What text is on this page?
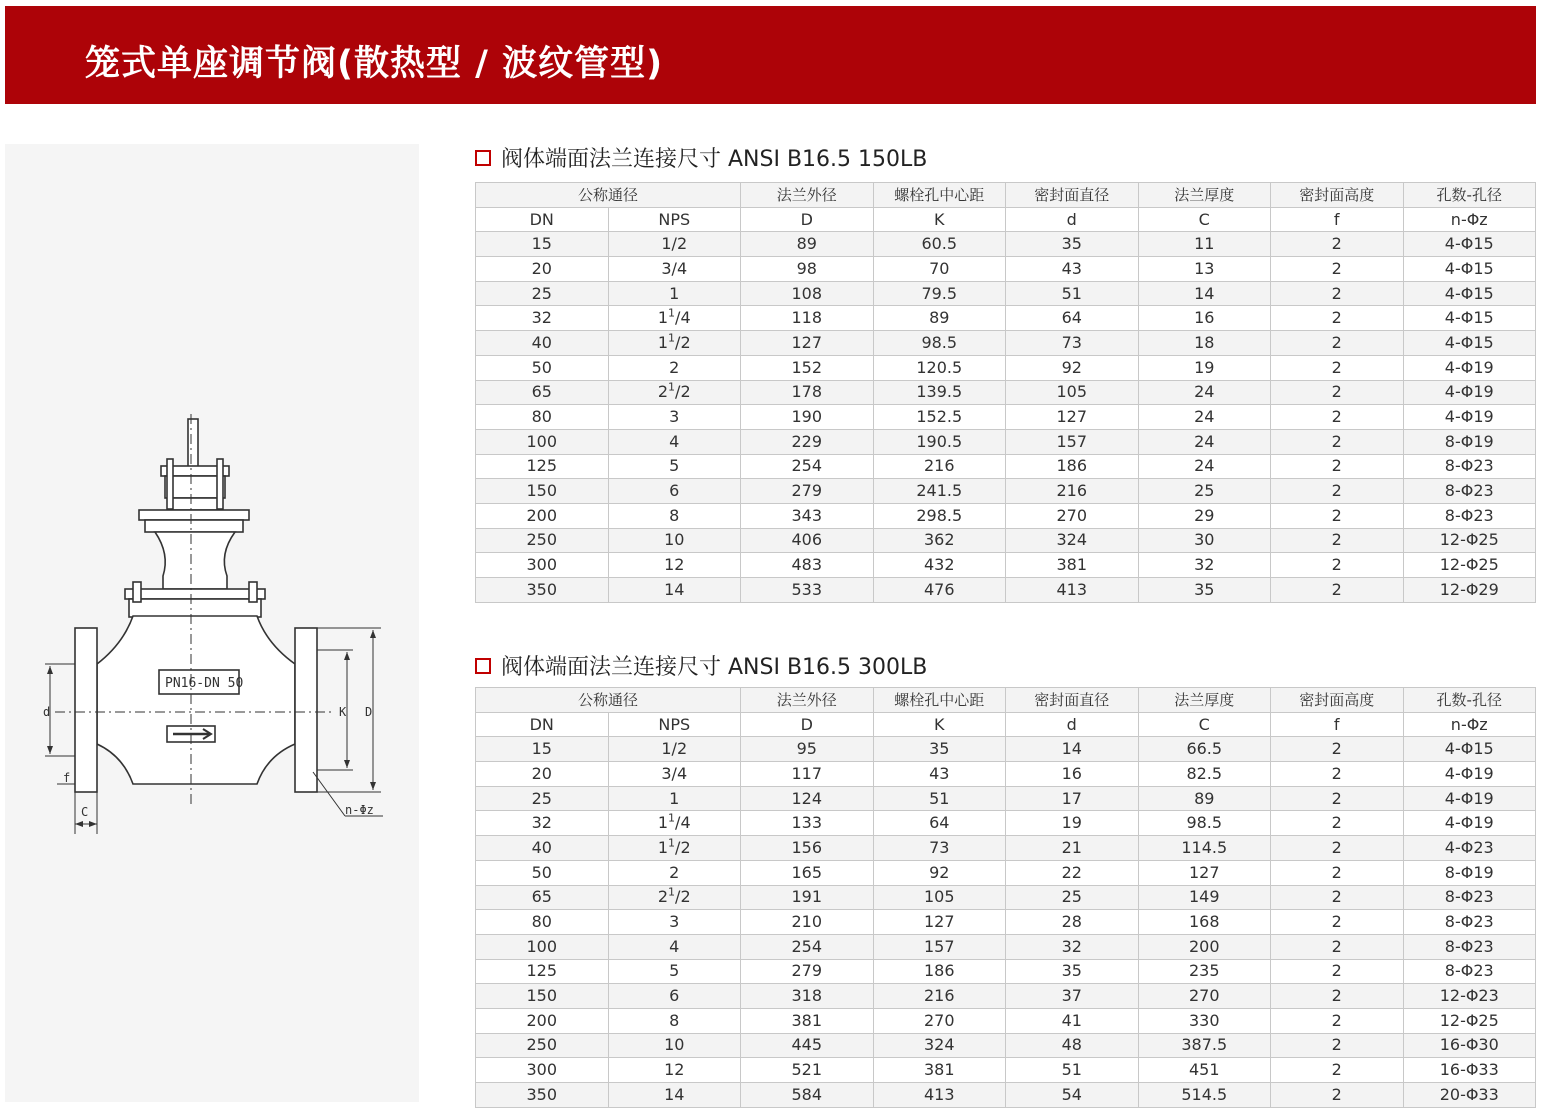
笼式单座调节阀(散热型 / 波纹管型)
PN16-DN 50
d	D
K
f
C	n-Φz
阀体端面法兰连接尺寸 ANSI B16.5 150LB
公称通径		法兰外径	螺栓孔中心距	密封面直径	法兰厚度	密封面高度	孔数-孔径
DN	NPS	D	K	d	C	f	n-Φz
15	1/2	89	60.5	35	11	2	4-Φ15
20	3/4	98	70	43	13	2	4-Φ15
25	1	108	79.5	51	14	2	4-Φ15
32	$1^1/4$	118	89	64	16	2	4-Φ15
40	$1^1/2$	127	98.5	73	18	2	4-Φ15
50	2	152	120.5	92	19	2	4-Φ19
65	$2^1/2$	178	139.5	105	24	2	4-Φ19
80	3	190	152.5	127	24	2	4-Φ19
100	4	229	190.5	157	24	2	8-Φ19
125	5	254	216	186	24	2	8-Φ23
150	6	279	241.5	216	25	2	8-Φ23
200	8	343	298.5	270	29	2	8-Φ23
250	10	406	362	324	30	2	12-Φ25
300	12	483	432	381	32	2	12-Φ25
350	14	533	476	413	35	2	12-Φ29
阀体端面法兰连接尺寸 ANSI B16.5 300LB
公称通径		法兰外径	螺栓孔中心距	密封面直径	法兰厚度	密封面高度	孔数-孔径
DN	NPS	D	K	d	C	f	n-Φz
15	1/2	95	35	14	66.5	2	4-Φ15
20	3/4	117	43	16	82.5	2	4-Φ19
25	1	124	51	17	89	2	4-Φ19
32	$1^1/4$	133	64	19	98.5	2	4-Φ19
40	$1^1/2$	156	73	21	114.5	2	4-Φ23
50	2	165	92	22	127	2	8-Φ19
65	$2^1/2$	191	105	25	149	2	8-Φ23
80	3	210	127	28	168	2	8-Φ23
100	4	254	157	32	200	2	8-Φ23
125	5	279	186	35	235	2	8-Φ23
150	6	318	216	37	270	2	12-Φ23
200	8	381	270	41	330	2	12-Φ25
250	10	445	324	48	387.5	2	16-Φ30
300	12	521	381	51	451	2	16-Φ33
350	14	584	413	54	514.5	2	20-Φ33
